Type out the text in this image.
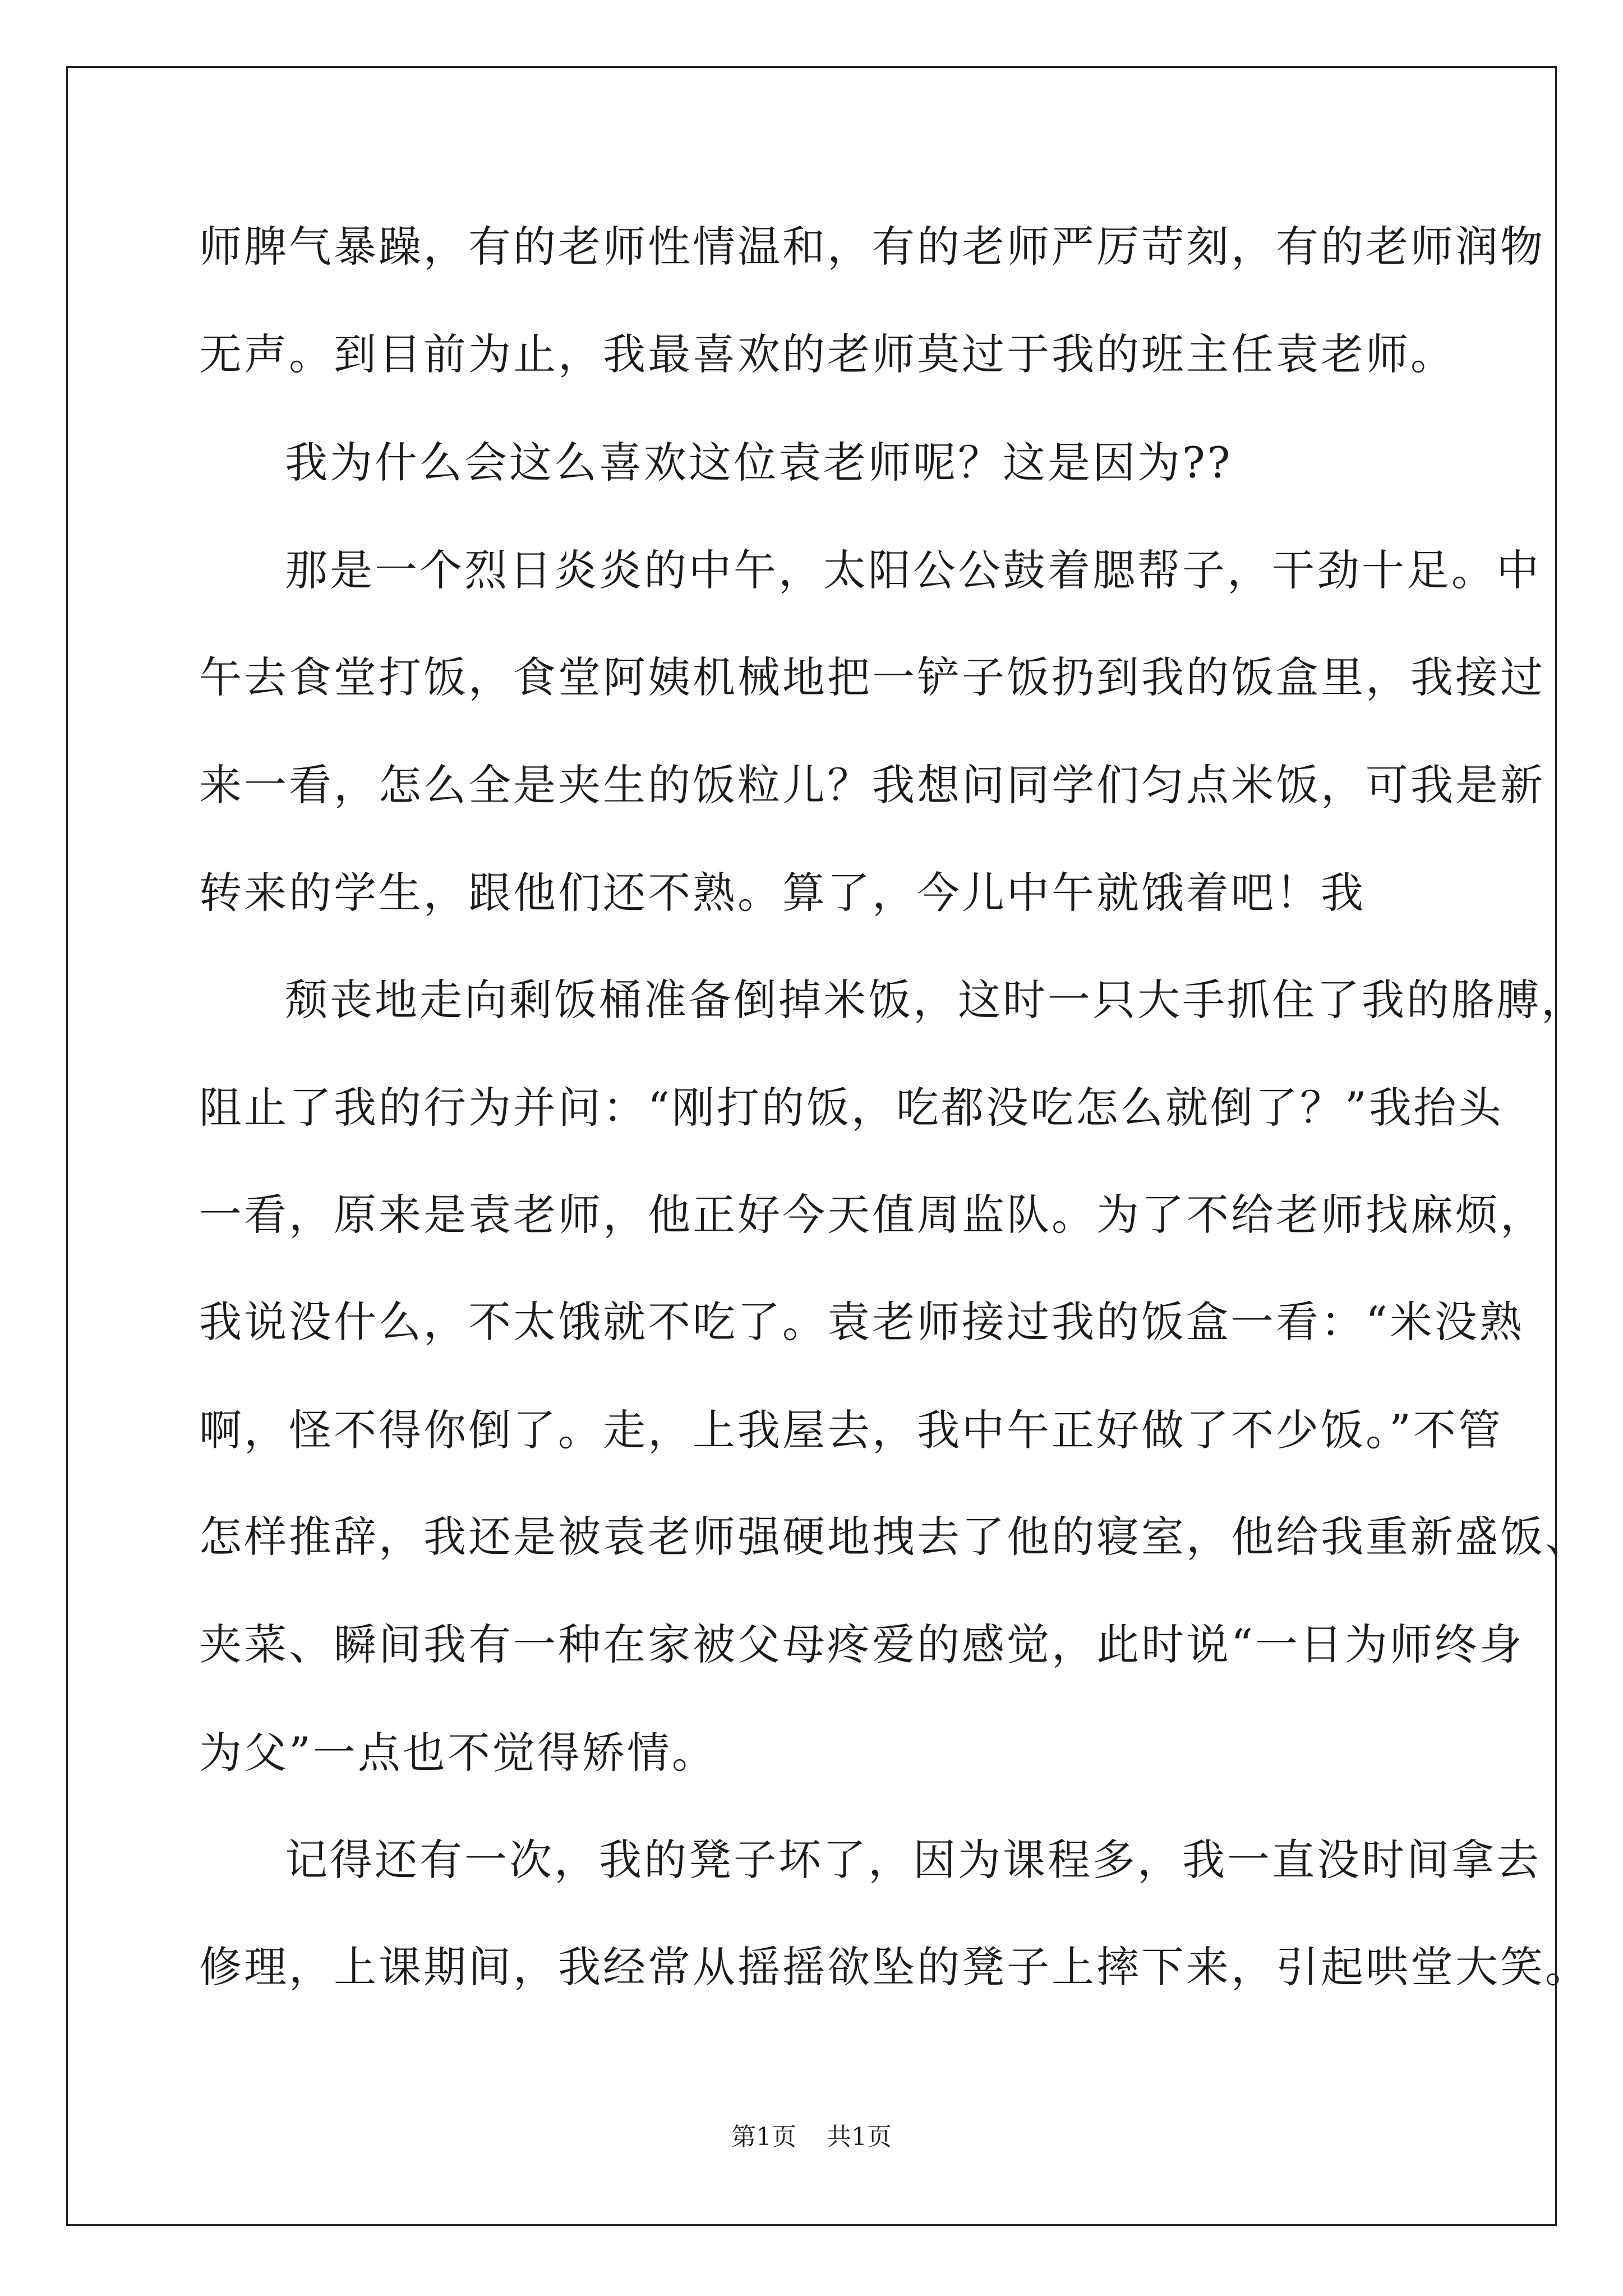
师脾气暴躁，有的老师性情温和，有的老师严厉苛刻，有的老师润物
无声。到目前为止，我最喜欢的老师莫过于我的班主任袁老师。
我为什么会这么喜欢这位袁老师呢？这是因为??
那是一个烈日炎炎的中午，太阳公公鼓着腮帮子，干劲十足。中
午去食堂打饭，食堂阿姨机械地把一铲子饭扔到我的饭盒里，我接过
来一看，怎么全是夹生的饭粒儿？我想问同学们匀点米饭，可我是新
转来的学生，跟他们还不熟。算了，今儿中午就饿着吧！我
颓丧地走向剩饭桶准备倒掉米饭，这时一只大手抓住了我的胳膊，
阻止了我的行为并问：“刚打的饭，吃都没吃怎么就倒了？”我抬头
一看，原来是袁老师，他正好今天值周监队。为了不给老师找麻烦，
我说没什么，不太饿就不吃了。袁老师接过我的饭盒一看：“米没熟
啊，怪不得你倒了。走，上我屋去，我中午正好做了不少饭。”不管
怎样推辞，我还是被袁老师强硬地拽去了他的寝室，他给我重新盛饭、
夹菜、瞬间我有一种在家被父母疼爱的感觉，此时说“一日为师终身
为父”一点也不觉得矫情。
记得还有一次，我的凳子坏了，因为课程多，我一直没时间拿去
修理，上课期间，我经常从摇摇欲坠的凳子上摔下来，引起哄堂大笑。
第1页 共1页
